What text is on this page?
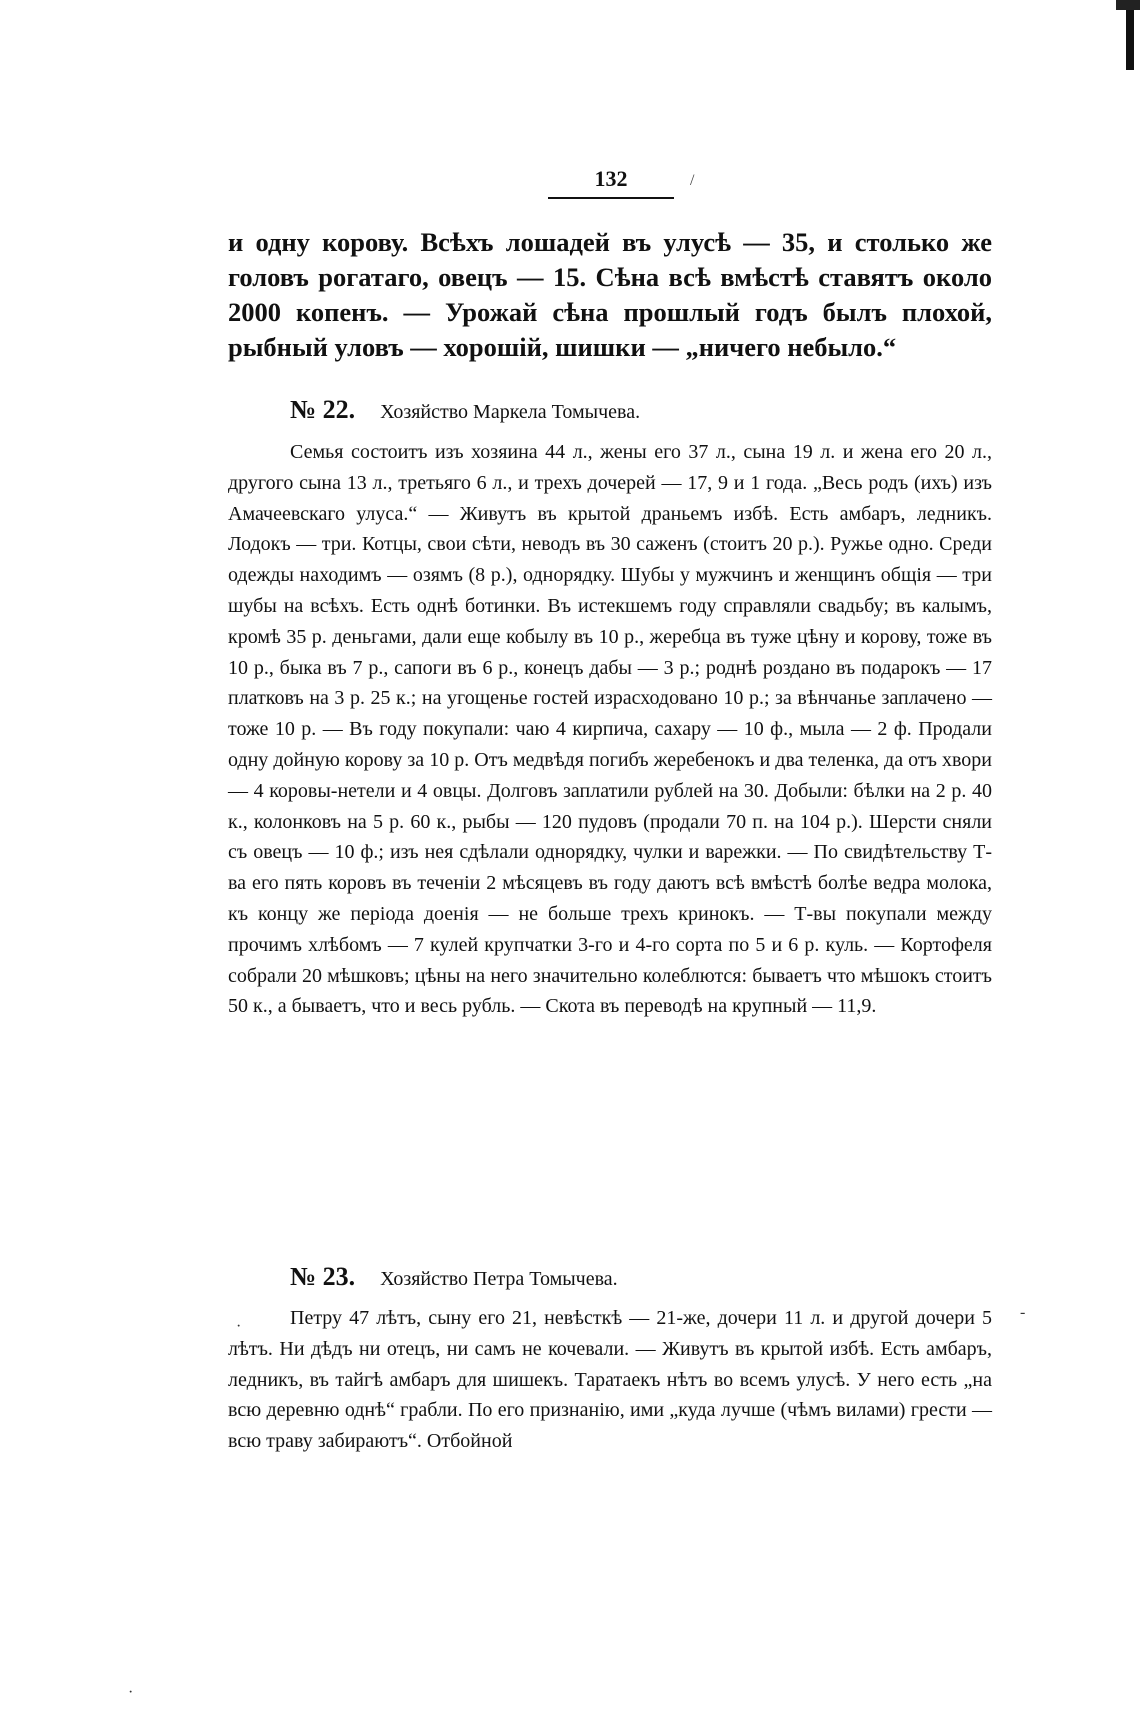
132	/

и одну корову. Всѣхъ лошадей въ улусѣ — 35, и столько же головъ рогатаго, овецъ — 15. Сѣна всѣ вмѣстѣ ставятъ около 2000 копенъ. — Урожай сѣна прошлый годъ былъ плохой, рыбный уловъ — хорошій, шишки — „ничего небыло.“

№ 22. Хозяйство Маркела Томычева.

Семья состоитъ изъ хозяина 44 л., жены его 37 л., сына 19 л. и жена его 20 л., другого сына 13 л., третьяго 6 л., и трехъ дочерей — 17, 9 и 1 года. „Весь родъ (ихъ) изъ Амачеевскаго улуса.“ — Живутъ въ крытой драньемъ избѣ. Есть амбаръ, ледникъ. Лодокъ — три. Котцы, свои сѣти, неводъ въ 30 саженъ (стоитъ 20 р.). Ружье одно. Среди одежды находимъ — озямъ (8 р.), однорядку. Шубы у мужчинъ и женщинъ общія — три шубы на всѣхъ. Есть однѣ ботинки. Въ истекшемъ году справляли свадьбу; въ калымъ, кромѣ 35 р. деньгами, дали еще кобылу въ 10 р., жеребца въ туже цѣну и корову, тоже въ 10 р., быка въ 7 р., сапоги въ 6 р., конецъ дабы — 3 р.; роднѣ роздано въ подарокъ — 17 платковъ на 3 р. 25 к.; на угощенье гостей израсходовано 10 р.; за вѣнчанье заплачено — тоже 10 р. — Въ году покупали: чаю 4 кирпича, сахару — 10 ф., мыла — 2 ф. Продали одну дойную корову за 10 р. Отъ медвѣдя погибъ жеребенокъ и два теленка, да отъ хвори — 4 коровы-нетели и 4 овцы. Долговъ заплатили рублей на 30. Добыли: бѣлки на 2 р. 40 к., колонковъ на 5 р. 60 к., рыбы — 120 пудовъ (продали 70 п. на 104 р.). Шерсти сняли съ овецъ — 10 ф.; изъ нея сдѣлали однорядку, чулки и варежки. — По свидѣтельству Т-ва его пять коровъ въ теченіи 2 мѣсяцевъ въ году даютъ всѣ вмѣстѣ болѣе ведра молока, къ концу же періода доенія — не больше трехъ кринокъ. — Т-вы покупали между прочимъ хлѣбомъ — 7 кулей крупчатки 3-го и 4-го сорта по 5 и 6 р. куль. — Кортофеля собрали 20 мѣшковъ; цѣны на него значительно колеблются: бываетъ что мѣшокъ стоитъ 50 к., а бываетъ, что и весь рубль. — Скота въ переводѣ на крупный — 11,9.

№ 23. Хозяйство Петра Томычева.

Петру 47 лѣтъ, сыну его 21, невѣсткѣ — 21-же, дочери 11 л. и другой дочери 5 лѣтъ. Ни дѣдъ ни отецъ, ни самъ не кочевали. — Живутъ въ крытой избѣ. Есть амбаръ, ледникъ, въ тайгѣ амбаръ для шишекъ. Таратаекъ нѣтъ во всемъ улусѣ. У него есть „на всю деревню однѣ“ грабли. По его признанію, ими „куда лучше (чѣмъ вилами) грести — всю траву забираютъ“. Отбойной

·
-
·
